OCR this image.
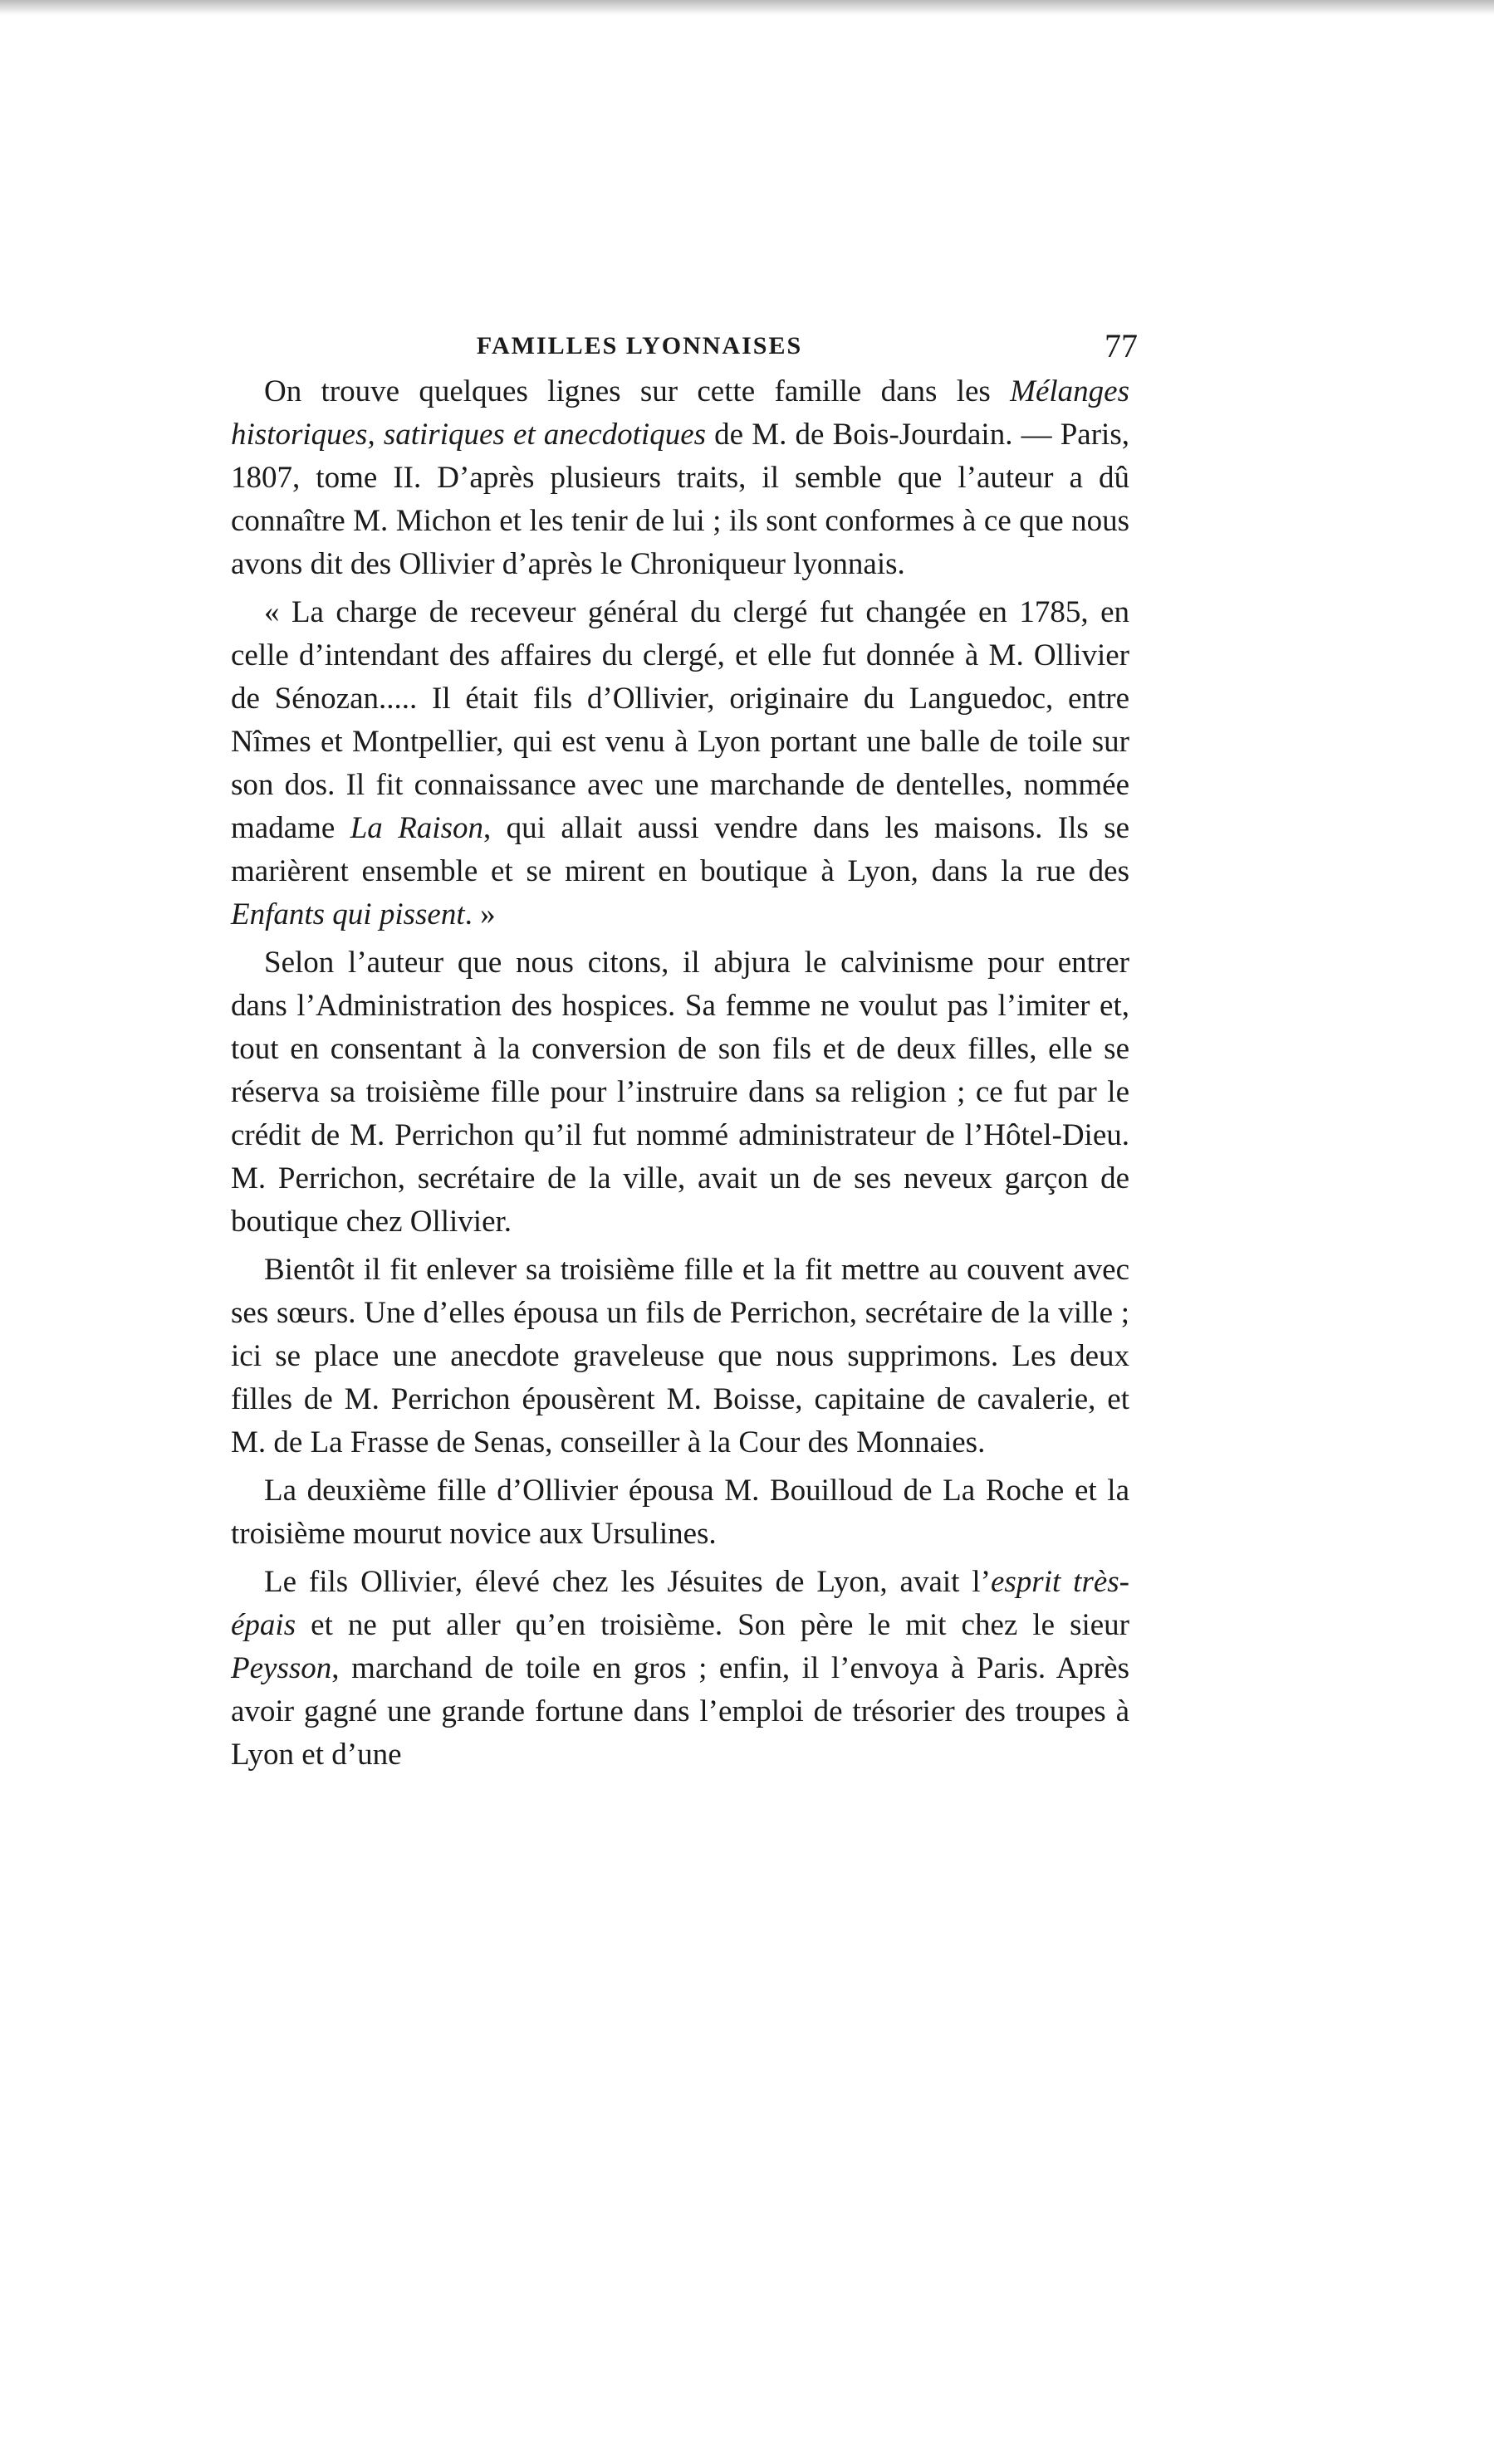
FAMILLES LYONNAISES	77

On trouve quelques lignes sur cette famille dans les Mélanges historiques, satiriques et anecdotiques de M. de Bois-Jourdain. — Paris, 1807, tome II. D’après plusieurs traits, il semble que l’auteur a dû connaître M. Michon et les tenir de lui ; ils sont conformes à ce que nous avons dit des Ollivier d’après le Chroniqueur lyonnais.

« La charge de receveur général du clergé fut changée en 1785, en celle d’intendant des affaires du clergé, et elle fut donnée à M. Ollivier de Sénozan..... Il était fils d’Ollivier, originaire du Languedoc, entre Nîmes et Montpellier, qui est venu à Lyon portant une balle de toile sur son dos. Il fit connaissance avec une marchande de dentelles, nommée madame La Raison, qui allait aussi vendre dans les maisons. Ils se marièrent ensemble et se mirent en boutique à Lyon, dans la rue des Enfants qui pissent. »

Selon l’auteur que nous citons, il abjura le calvinisme pour entrer dans l’Administration des hospices. Sa femme ne voulut pas l’imiter et, tout en consentant à la conversion de son fils et de deux filles, elle se réserva sa troisième fille pour l’instruire dans sa religion ; ce fut par le crédit de M. Perrichon qu’il fut nommé administrateur de l’Hôtel-Dieu. M. Perrichon, secrétaire de la ville, avait un de ses neveux garçon de boutique chez Ollivier.

Bientôt il fit enlever sa troisième fille et la fit mettre au couvent avec ses sœurs. Une d’elles épousa un fils de Perrichon, secrétaire de la ville ; ici se place une anecdote graveleuse que nous supprimons. Les deux filles de M. Perrichon épousèrent M. Boisse, capitaine de cavalerie, et M. de La Frasse de Senas, conseiller à la Cour des Monnaies.

La deuxième fille d’Ollivier épousa M. Bouilloud de La Roche et la troisième mourut novice aux Ursulines.

Le fils Ollivier, élevé chez les Jésuites de Lyon, avait l’esprit très-épais et ne put aller qu’en troisième. Son père le mit chez le sieur Peysson, marchand de toile en gros ; enfin, il l’envoya à Paris. Après avoir gagné une grande fortune dans l’emploi de trésorier des troupes à Lyon et d’une
